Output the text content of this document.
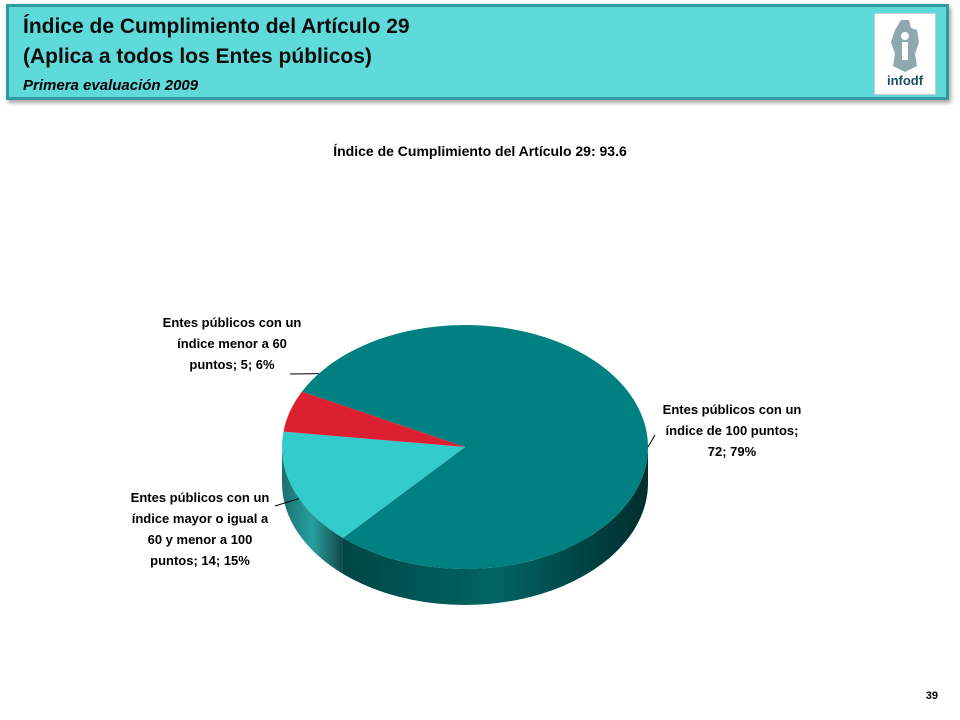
Índice de Cumplimiento del Artículo 29
(Aplica a todos los Entes públicos)
Primera evaluación 2009	infodf
Índice de Cumplimiento del Artículo 29: 93.6
Entes públicos con un índice de 100 puntos; 72; 79%
Entes públicos con un índice mayor o igual a 60 y menor a 100 puntos; 14; 15%
Entes públicos con un índice menor a 60 puntos; 5; 6%
39
